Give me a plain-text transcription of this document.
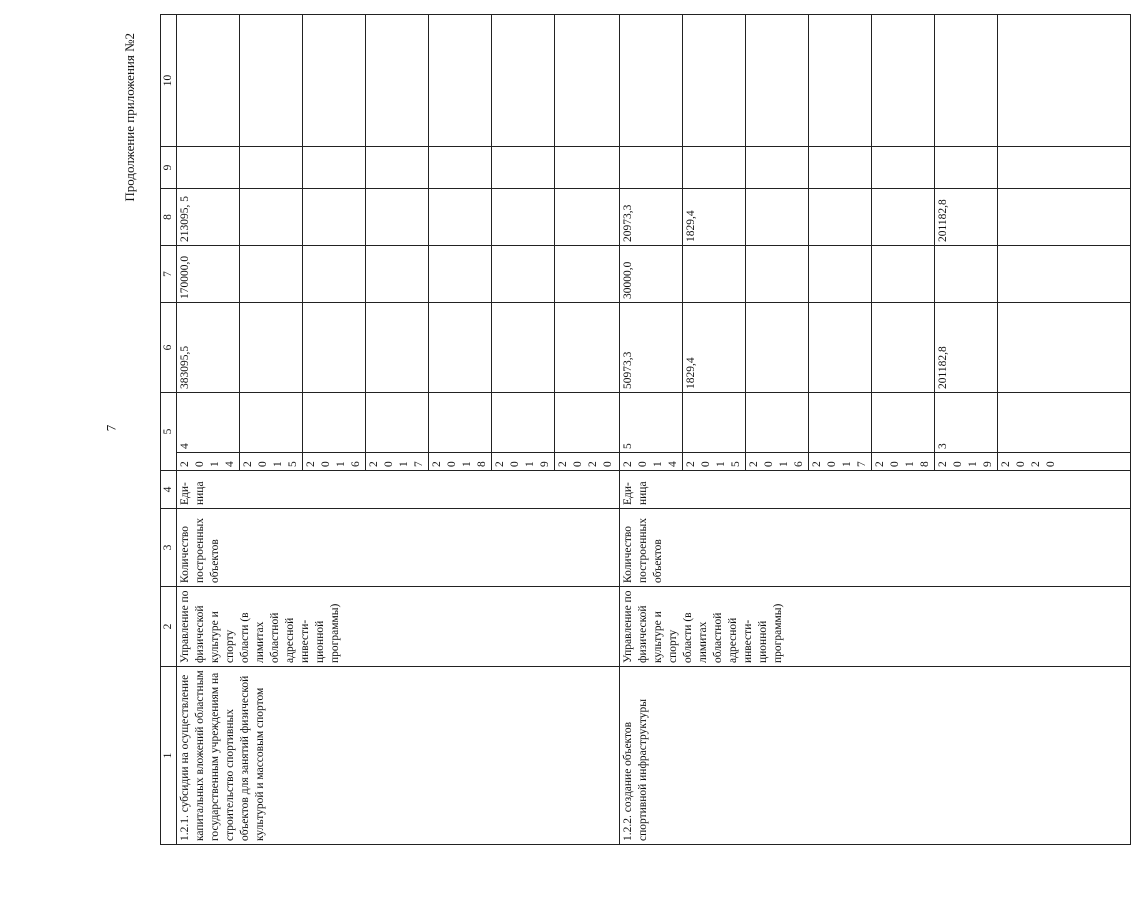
7
Продолжение приложения №2
1	2	3	4	5		6	7	8	9	10
1.2.1. субсидии на осуществление капитальных вложений областным государственным учреждениям на строительство спортивных объектов для занятий физической культурой и массовым спортом	Управление по физической культуре и спорту области (в лимитах областной адресной инвести- ционной программы)	Количество построенных объектов	Еди- ница	2014	4	383095,5	170000,0	213095, 5		
				2015						
				2016						
				2017						
				2018						
				2019						
				2020						
1.2.2. создание объектов спортивной инфраструктуры	Управление по физической культуре и спорту области (в лимитах областной адресной инвести- ционной программы)	Количество построенных объектов	Еди- ница	2014	5	50973,3	30000,0	20973,3		
				2015		1829,4		1829,4		
				2016						
				2017						
				2018						
				2019	3	201182,8		201182,8		
				2020						
